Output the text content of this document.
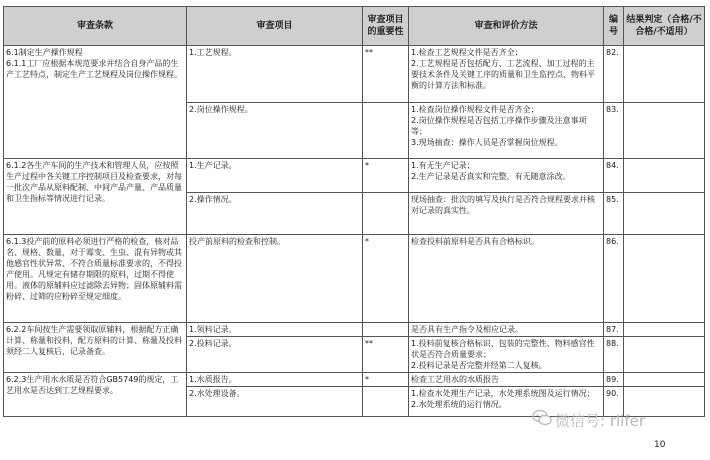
审查条款	审查项目	审查项目的重要性	审查和评价方法	编号	结果判定（合格/不合格/不适用）

6.1制定生产操作规程
6.1.1工厂应根据本规范要求并结合自身产品的生产工艺特点，制定生产工艺规程及岗位操作规程。	1.工艺规程。	**	1.检查工艺规程文件是否齐全；
2.工艺规程是否包括配方、工艺流程、加工过程的主要技术条件及关键工序的质量和卫生监控点、物料平衡的计算方法和标准。	82.	
	2.岗位操作规程。		1.检查岗位操作规程文件是否齐全；
2.岗位操作规程是否包括工序操作步骤及注意事项等；
3.现场抽查：操作人员是否掌握岗位规程。	83.	

6.1.2各生产车间的生产技术和管理人员，应按照生产过程中各关键工序控制项目及检查要求，对每一批次产品从原料配制、中间产品产量、产品质量和卫生指标等情况进行记录。	1.生产记录。	*	1.有无生产记录；
2.生产记录是否真实和完整，有无随意涂改。	84.	
	2.操作情况。		现场抽查：批次的填写及执行是否符合规程要求并核对记录的真实性。	85.	

6.1.3投产前的原料必须进行严格的检查，核对品名、规格、数量，对于霉变、生虫、混有异物或其他感官性状异常、不符合质量标准要求的，不得投产使用。凡规定有储存期限的原料，过期不得使用。液体的原辅料应过滤除去异物；固体原辅料需粉碎、过筛的应粉碎至规定细度。	投产前原料的检查和控制。	*	检查投料前原料是否具有合格标识。	86.	

6.2.2车间按生产需要领取原辅料，根据配方正确计算、称量和投料，配方原料的计算、称量及投料须经二人复核后，记录备查。	1.领料记录。		是否具有生产指令及相应记录。	87.	
	2.投料记录。	**	1.投料前复核合格标识、包装的完整性、物料感官性状是否符合质量要求；
2.投料记录是否完整并经第二人复核。	88.	

6.2.3生产用水水质是否符合GB5749的规定，工艺用水是否达到工艺规程要求。	1.水质报告。	*	检查工艺用水的水质报告	89.	
	2.水处理设备。		1.检查水处理生产记录，水处理系统图及运行情况；
2.水处理系统的运行情况。	90.	
微信号: rlifer
10
